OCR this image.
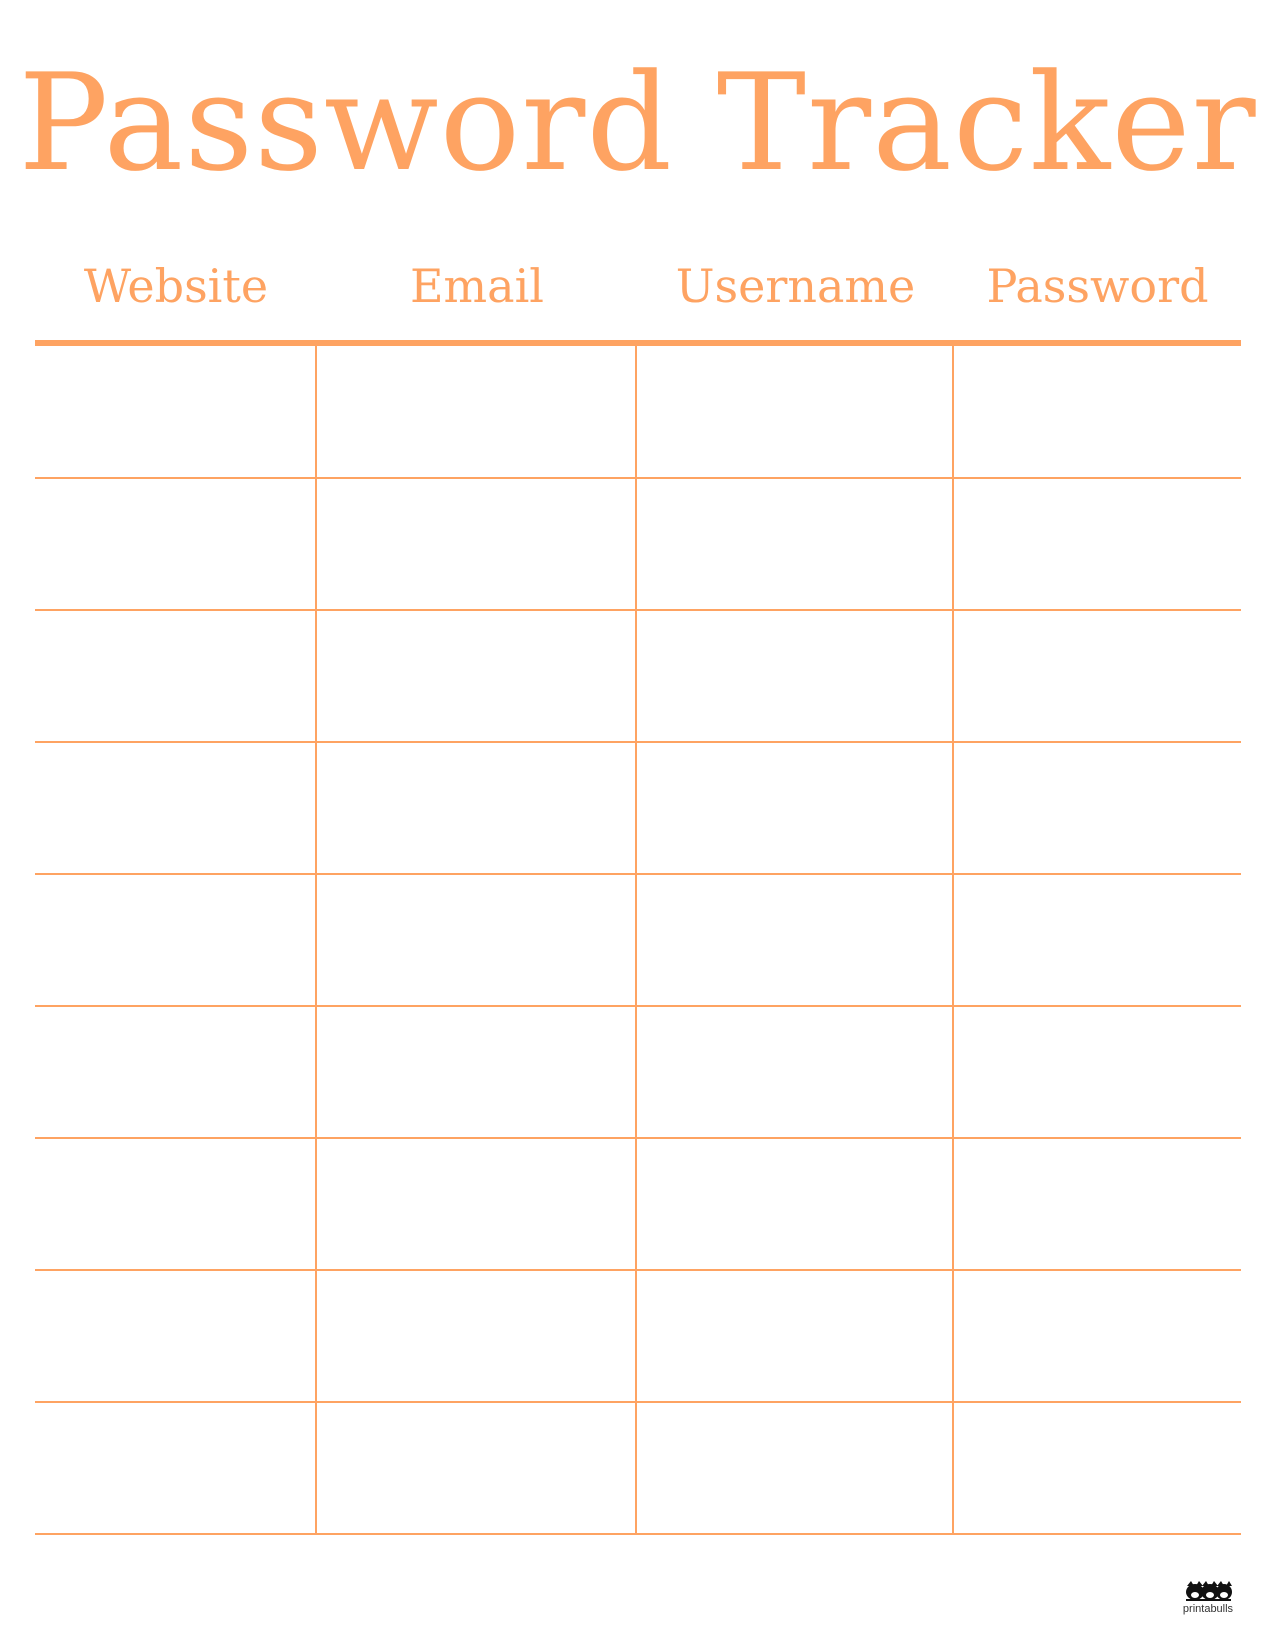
Password Tracker
Website	Email	Username	Password
printabulls
